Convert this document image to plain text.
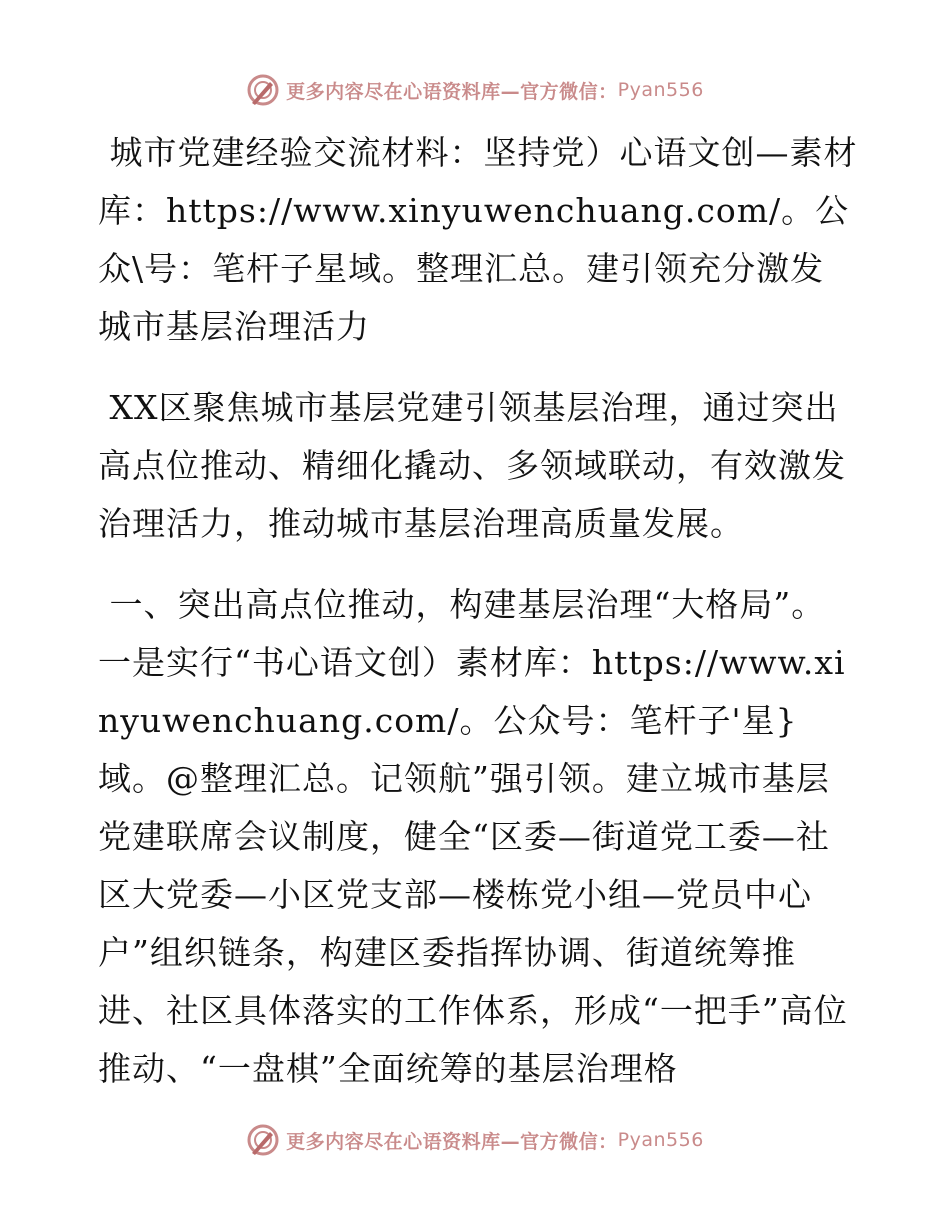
更多内容尽在心语资料库—官方微信： Pyan556

城市党建经验交流材料：坚持党）心语文创—素材库：https://www.xinyuwenchuang.com/。公众\号：笔杆子星域。整理汇总。建引领充分激发城市基层治理活力

XX区聚焦城市基层党建引领基层治理，通过突出高点位推动、精细化撬动、多领域联动，有效激发治理活力，推动城市基层治理高质量发展。

一、突出高点位推动，构建基层治理“大格局”。一是实行“书心语文创）素材库：https://www.xinyuwenchuang.com/。公众号：笔杆子'星}域。@整理汇总。记领航”强引领。建立城市基层党建联席会议制度，健全“区委—街道党工委—社区大党委—小区党支部—楼栋党小组—党员中心户”组织链条，构建区委指挥协调、街道统筹推进、社区具体落实的工作体系，形成“一把手”高位推动、“一盘棋”全面统筹的基层治理格

更多内容尽在心语资料库—官方微信： Pyan556
